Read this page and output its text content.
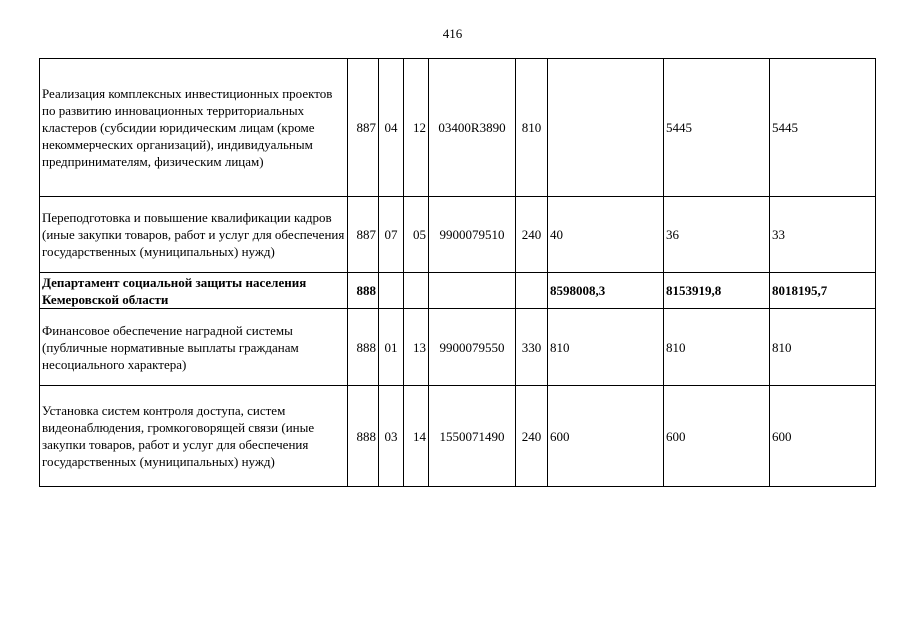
416
Реализация комплексных инвестиционных проектов по развитию инновационных территориальных кластеров (субсидии юридическим лицам (кроме некоммерческих организаций), индивидуальным предпринимателям, физическим лицам)	887	04	12	03400R3890	810		5445	5445
Переподготовка и повышение квалификации кадров (иные закупки товаров, работ и услуг для обеспечения государственных (муниципальных) нужд)	887	07	05	9900079510	240	40	36	33
Департамент социальной защиты населения Кемеровской области	888					8598008,3	8153919,8	8018195,7
Финансовое обеспечение наградной системы (публичные нормативные выплаты гражданам несоциального характера)	888	01	13	9900079550	330	810	810	810
Установка систем контроля доступа, систем видеонаблюдения, громкоговорящей связи (иные закупки товаров, работ и услуг для обеспечения государственных (муниципальных) нужд)	888	03	14	1550071490	240	600	600	600
